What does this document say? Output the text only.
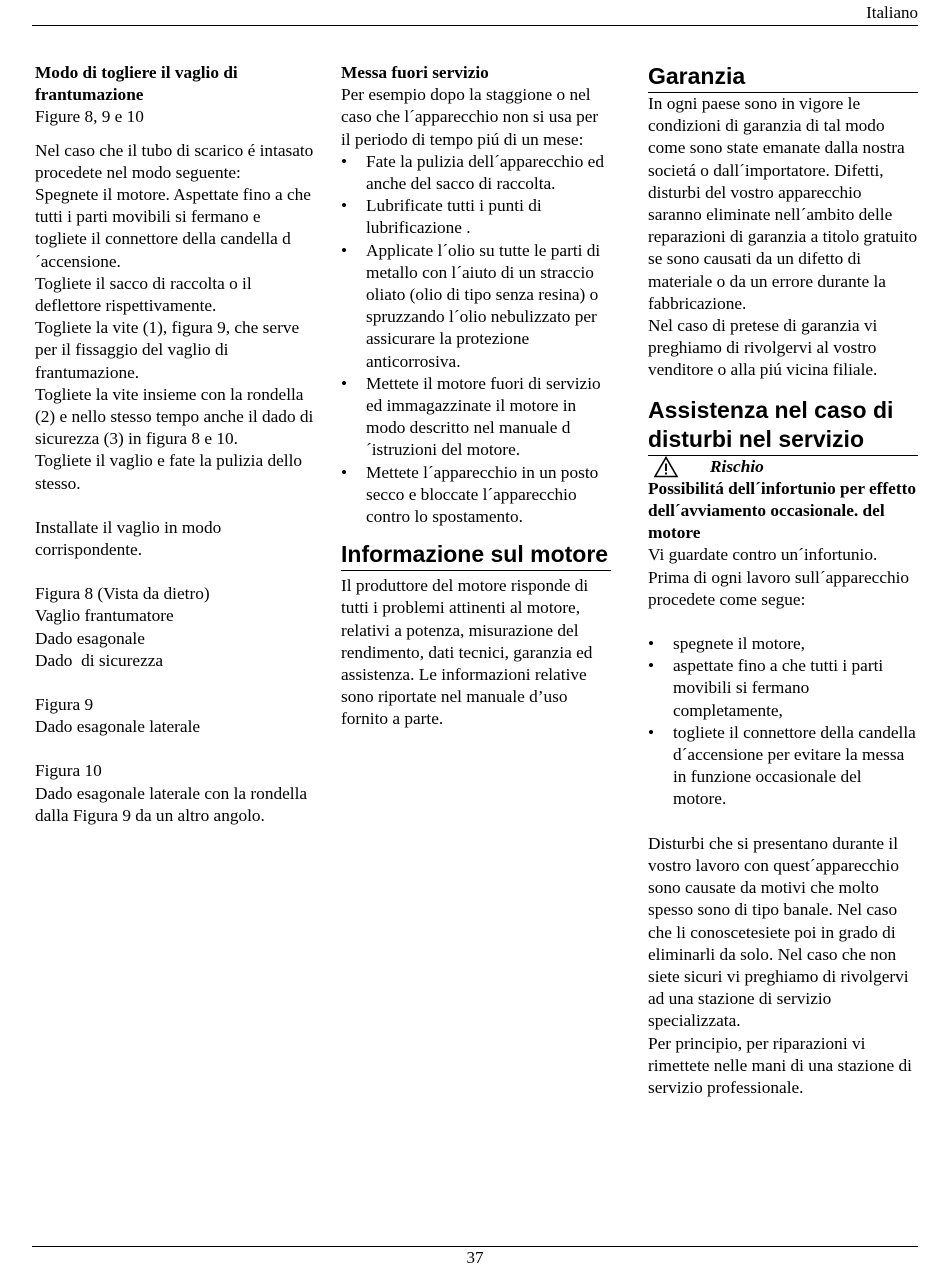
Italiano

Modo di togliere il vaglio di frantumazione

Figure 8, 9 e 10

Nel caso che il tubo di scarico é intasato procedete nel modo seguente:

Spegnete il motore. Aspettate fino a che tutti i parti movibili si fermano e togliete il connettore della candella d´accensione.

Togliete il sacco di raccolta o il deflettore rispettivamente.

Togliete la vite (1), figura 9, che serve per il fissaggio del vaglio di frantumazione.

Togliete la vite insieme con la rondella (2) e nello stesso tempo anche il dado di sicurezza (3) in figura 8 e 10.

Togliete il vaglio e fate la pulizia dello stesso.

Installate il vaglio in modo corrispondente.

Figura 8 (Vista da dietro)

Vaglio frantumatore

Dado esagonale

Dado  di sicurezza

Figura 9

Dado esagonale laterale

Figura 10

Dado esagonale laterale con la rondella dalla Figura 9 da un altro angolo.

Messa fuori servizio

Per esempio dopo la staggione o nel caso che l´apparecchio non si usa per il periodo di tempo piú di un mese:

• Fate la pulizia dell´apparecchio ed anche del sacco di raccolta.
• Lubrificate tutti i punti di lubrificazione .
• Applicate l´olio su tutte le parti di metallo con l´aiuto di un straccio oliato (olio di tipo senza resina) o spruzzando l´olio nebulizzato per assicurare la protezione anticorrosiva.
• Mettete il motore fuori di servizio ed immagazzinate il motore in modo descritto nel manuale d´istruzioni del motore.
• Mettete l´apparecchio in un posto secco e bloccate l´apparecchio contro lo spostamento.
Informazione sul motore

Il produttore del motore risponde di tutti i problemi attinenti al motore, relativi a potenza, misurazione del rendimento, dati tecnici, garanzia ed assistenza. Le informazioni relative

sono riportate nel manuale d’uso fornito a parte.

Garanzia

In ogni paese sono in vigore le condizioni di garanzia di tal modo come sono state emanate dalla nostra societá o dall´importatore. Difetti, disturbi del vostro apparecchio saranno eliminate nell´ambito delle reparazioni di garanzia a titolo gratuito se sono causati da un difetto di materiale o da un errore durante la fabbricazione.

Nel caso di pretese di garanzia vi preghiamo di rivolgervi al vostro venditore o alla piú vicina filiale.

Assistenza nel caso di disturbi nel servizio
Rischio

Possibilitá dell´infortunio per effetto dell´avviamento occasionale. del motore

Vi guardate contro un´infortunio. Prima di ogni lavoro sull´apparecchio procedete come segue:

• spegnete il motore,
• aspettate fino a che tutti i parti movibili si fermano completamente,
• togliete il connettore della candella d´accensione per evitare la messa in funzione occasionale del motore.

Disturbi che si presentano durante il vostro lavoro con quest´apparecchio sono causate da motivi che molto spesso sono di tipo banale. Nel caso che li conoscetesiete poi in grado di eliminarli da solo. Nel caso che non siete sicuri vi preghiamo di rivolgervi ad una stazione di servizio specializzata.

Per principio, per riparazioni vi rimettete nelle mani di una stazione di servizio professionale.

37
